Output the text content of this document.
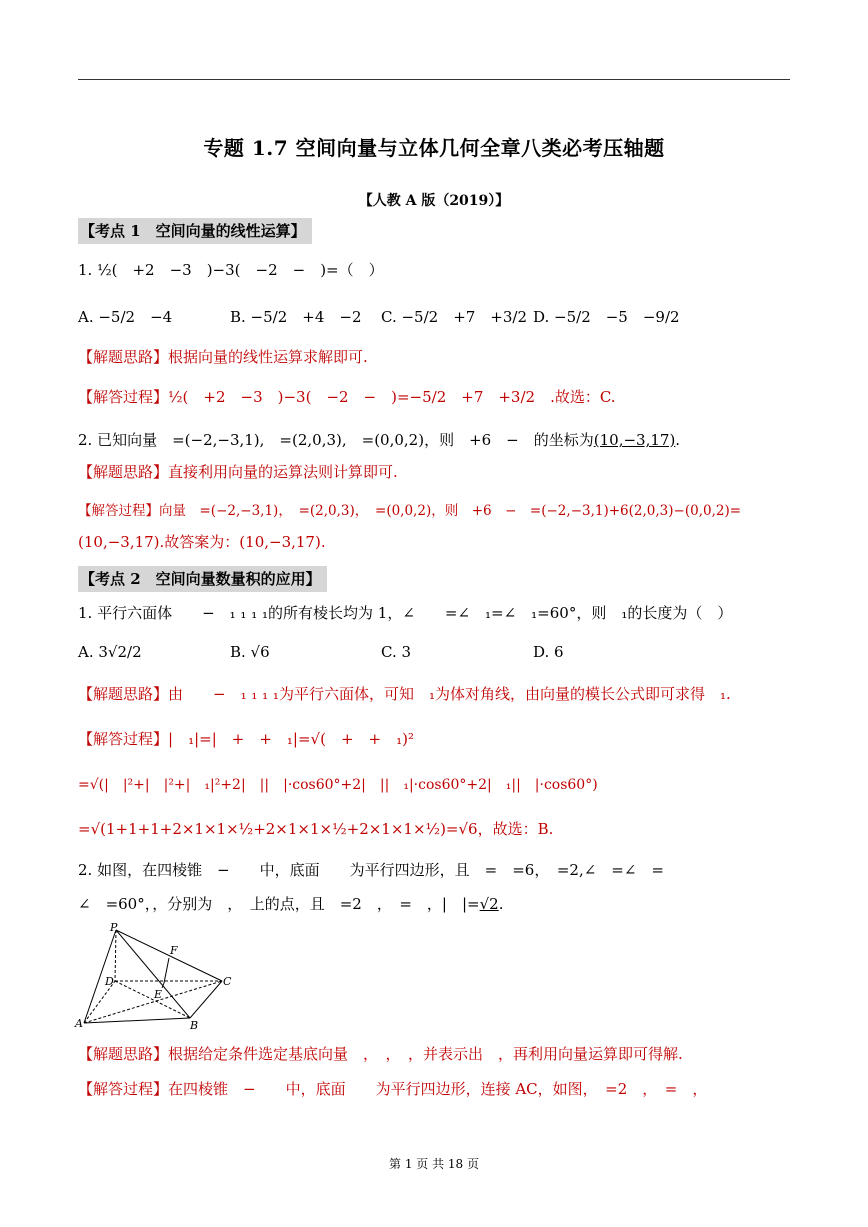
专题 1.7 空间向量与立体几何全章八类必考压轴题
【人教 A 版（2019）】
【考点 1　空间向量的线性运算】
1. ½(　+2　−3　)−3(　−2　−　)=（　）
A. −5/2　−4	B. −5/2　+4　−2 C. −5/2　+7　+3/2 D. −5/2　−5　−9/2
【解题思路】根据向量的线性运算求解即可.
【解答过程】½(　+2　−3　)−3(　−2　−　)=−5/2　+7　+3/2　.故选：C.
2. 已知向量　=(−2,−3,1),　=(2,0,3),　=(0,0,2)，则　+6　−　的坐标为(10,−3,17).
【解题思路】直接利用向量的运算法则计算即可.
【解答过程】向量　=(−2,−3,1)，　=(2,0,3)，　=(0,0,2)，则　+6　−　=(−2,−3,1)+6(2,0,3)−(0,0,2)=
(10,−3,17).故答案为：(10,−3,17).
【考点 2　空间向量数量积的应用】
1. 平行六面体　　−　₁ ₁ ₁ ₁的所有棱长均为 1，∠　　=∠　₁=∠　₁=60°，则　₁的长度为（　）
A. 3√2/2	B. √6	C. 3	D. 6
【解题思路】由　　−　₁ ₁ ₁ ₁为平行六面体，可知　₁为体对角线，由向量的模长公式即可求得　₁.
【解答过程】|　₁|=|　+　+　₁|=√(　+　+　₁)²
=√(|　|²+|　|²+|　₁|²+2|　||　|·cos60°+2|　||　₁|·cos60°+2|　₁||　|·cos60°)
=√(1+1+1+2×1×1×½+2×1×1×½+2×1×1×½)=√6，故选：B.
2. 如图，在四棱锥　−　　中，底面　　为平行四边形，且　=　=6，　=2,∠　=∠　=
∠　=60°，，分别为　，　上的点，且　=2　，　=　，|　|=√2.
P
F
D	C
E
A	B
【解题思路】根据给定条件选定基底向量　，　，　，并表示出　，再利用向量运算即可得解.
【解答过程】在四棱锥　−　　中，底面　　为平行四边形，连接 AC，如图，　=2　，　=　，
第 1 页 共 18 页
